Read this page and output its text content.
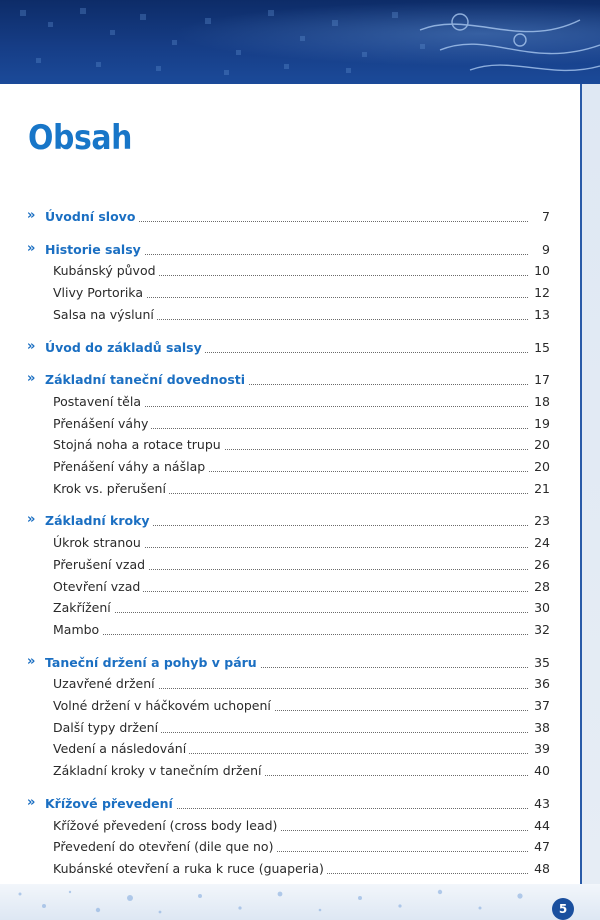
Obsah
» Úvodní slovo	7
» Historie salsy	9
Kubánský původ	10
Vlivy Portorika	12
Salsa na výsluní	13
» Úvod do základů salsy	15
» Základní taneční dovednosti	17
Postavení těla	18
Přenášení váhy	19
Stojná noha a rotace trupu	20
Přenášení váhy a nášlap	20
Krok vs. přerušení	21
» Základní kroky	23
Úkrok stranou	24
Přerušení vzad	26
Otevření vzad	28
Zakřížení	30
Mambo	32
» Taneční držení a pohyb v páru	35
Uzavřené držení	36
Volné držení v háčkovém uchopení	37
Další typy držení	38
Vedení a následování	39
Základní kroky v tanečním držení	40
» Křížové převedení	43
Křížové převedení (cross body lead)	44
Převedení do otevření (dile que no)	47
Kubánské otevření a ruka k ruce (guaperia)	48
5
